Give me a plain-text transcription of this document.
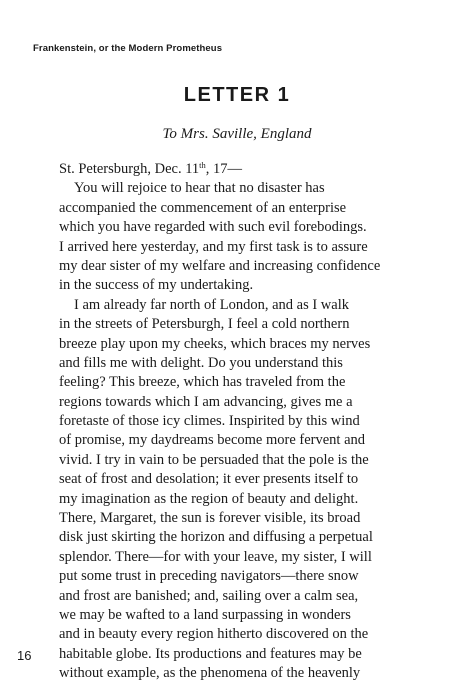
Frankenstein, or the Modern Prometheus
LETTER 1
To Mrs. Saville, England
St. Petersburgh, Dec. 11th, 17—
You will rejoice to hear that no disaster has
accompanied the commencement of an enterprise
which you have regarded with such evil forebodings.
I arrived here yesterday, and my first task is to assure
my dear sister of my welfare and increasing confidence
in the success of my undertaking.
I am already far north of London, and as I walk
in the streets of Petersburgh, I feel a cold northern
breeze play upon my cheeks, which braces my nerves
and fills me with delight. Do you understand this
feeling? This breeze, which has traveled from the
regions towards which I am advancing, gives me a
foretaste of those icy climes. Inspirited by this wind
of promise, my daydreams become more fervent and
vivid. I try in vain to be persuaded that the pole is the
seat of frost and desolation; it ever presents itself to
my imagination as the region of beauty and delight.
There, Margaret, the sun is forever visible, its broad
disk just skirting the horizon and diffusing a perpetual
splendor. There—for with your leave, my sister, I will
put some trust in preceding navigators—there snow
and frost are banished; and, sailing over a calm sea,
we may be wafted to a land surpassing in wonders
and in beauty every region hitherto discovered on the
habitable globe. Its productions and features may be
without example, as the phenomena of the heavenly
16
